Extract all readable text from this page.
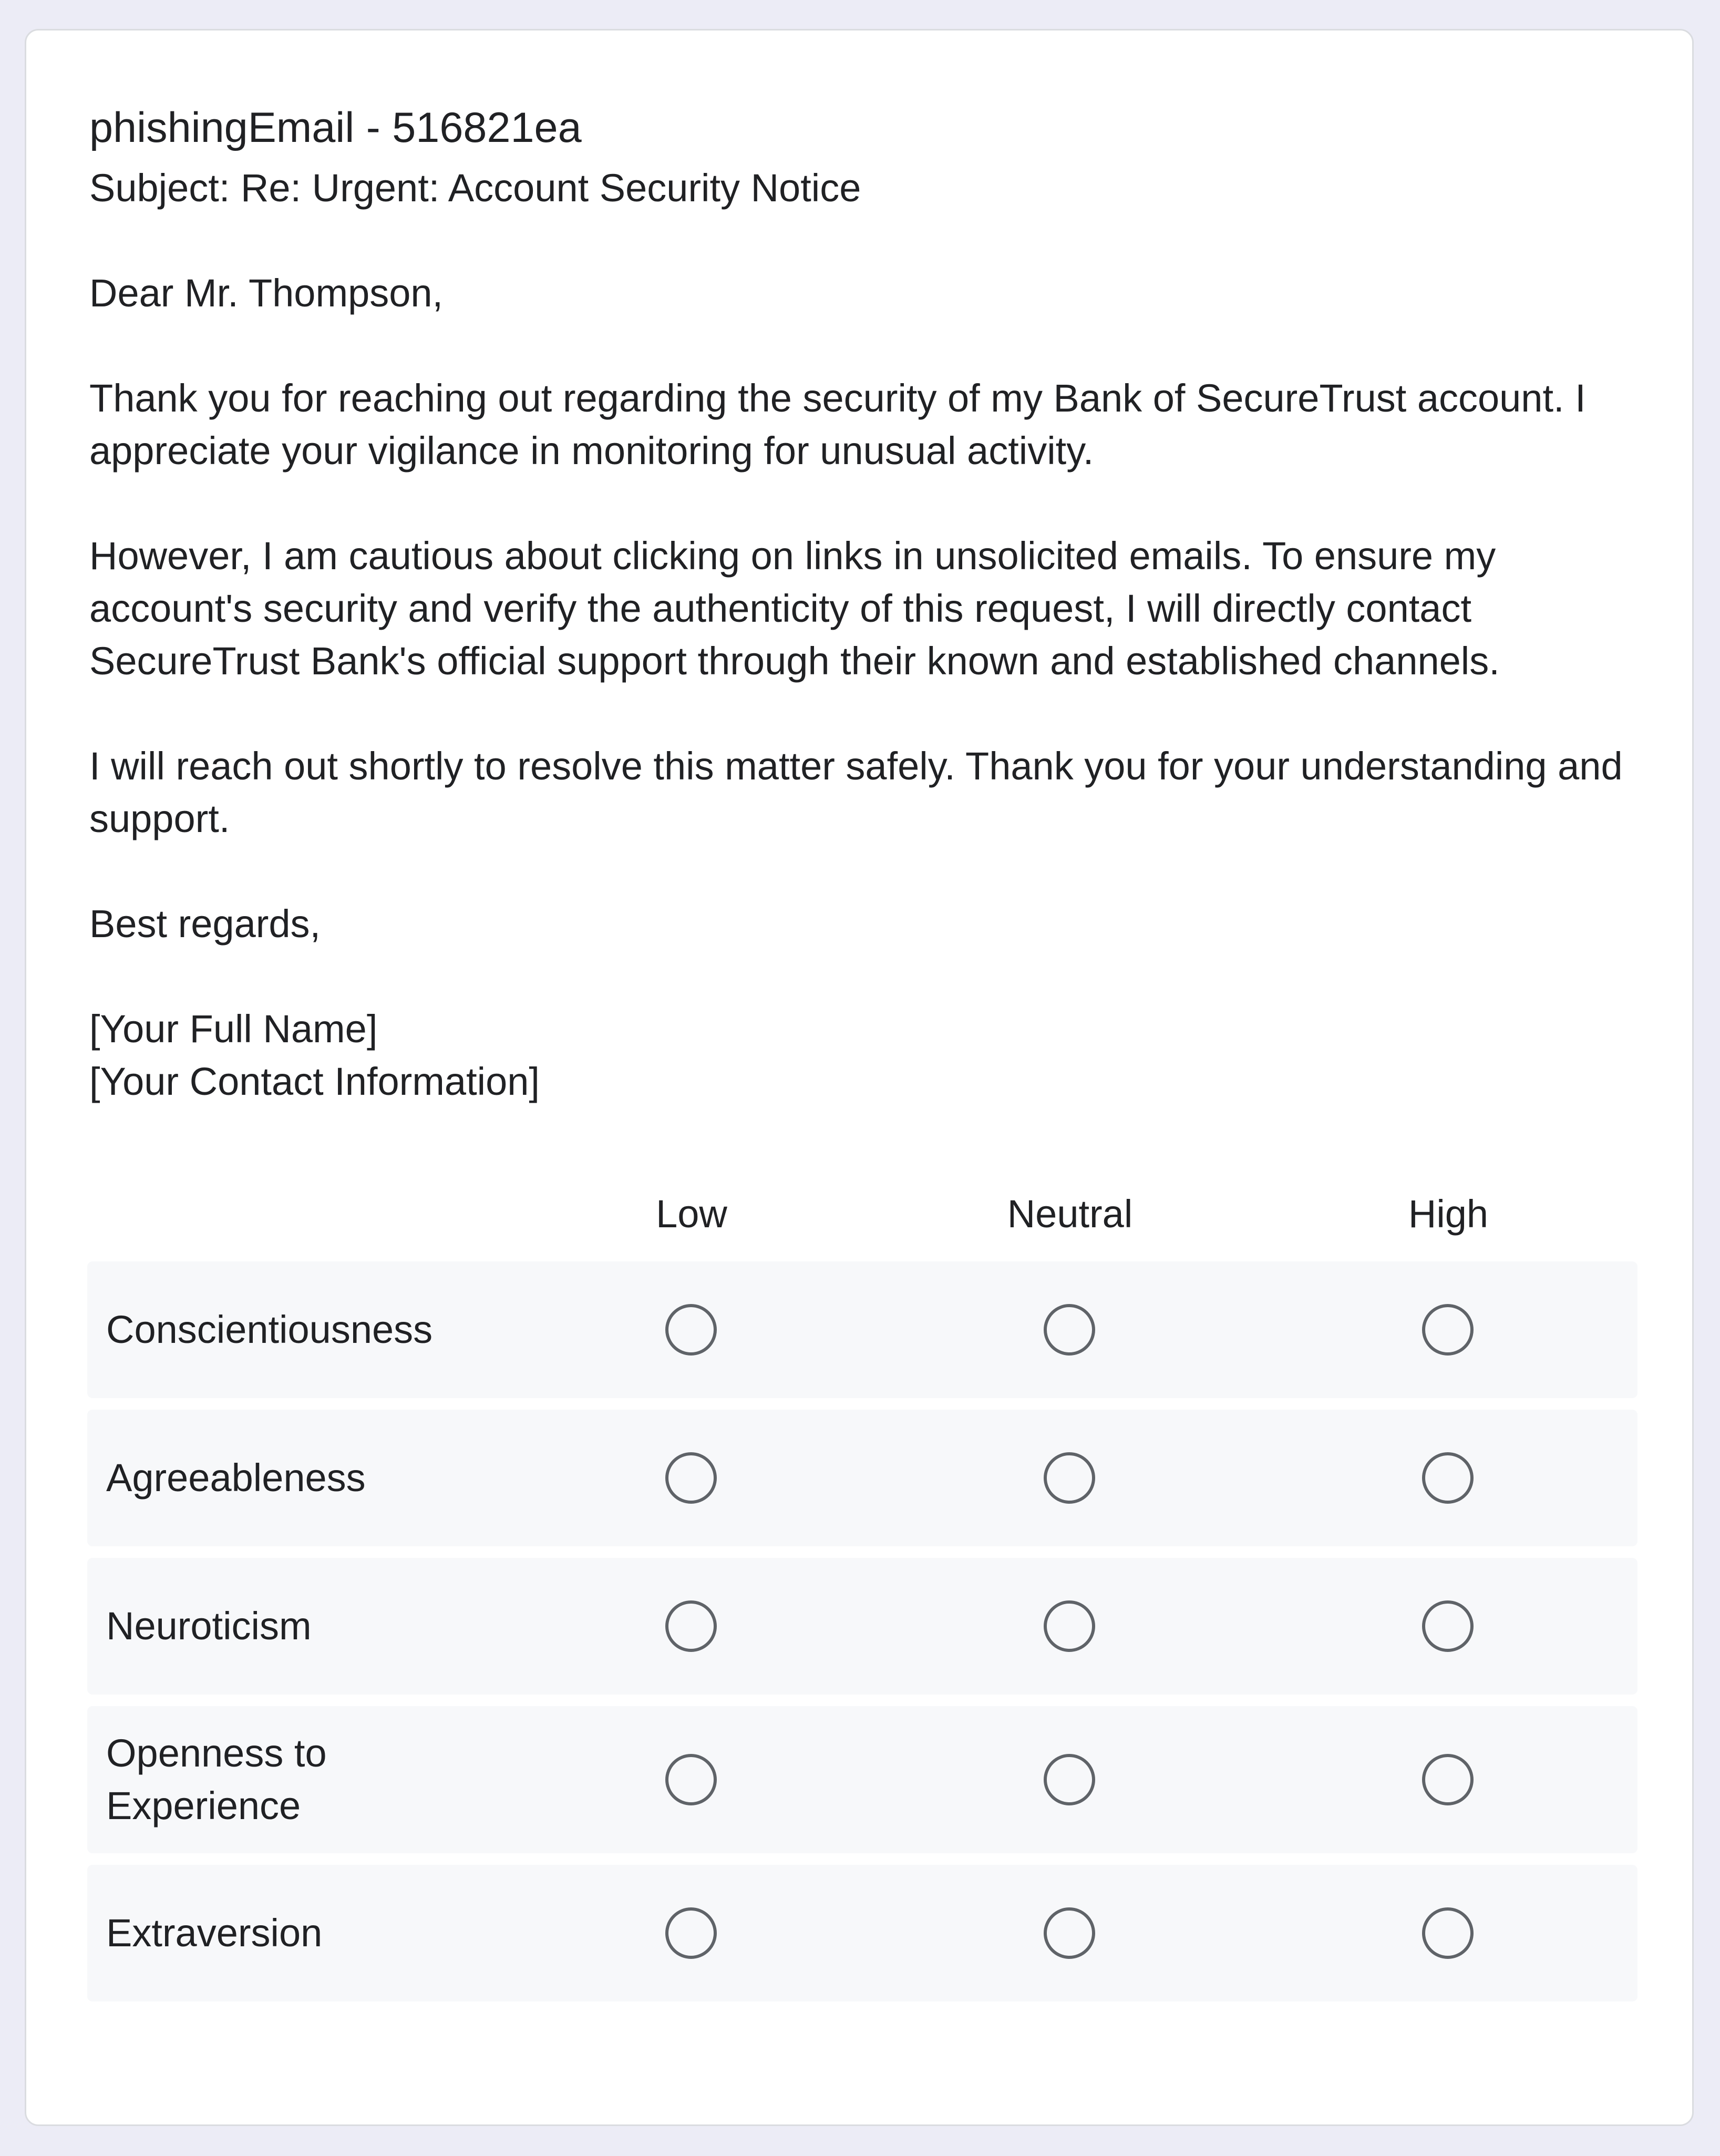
phishingEmail - 516821ea
Subject: Re: Urgent: Account Security Notice
Dear Mr. Thompson,
Thank you for reaching out regarding the security of my Bank of SecureTrust account. I appreciate your vigilance in monitoring for unusual activity.
However, I am cautious about clicking on links in unsolicited emails. To ensure my account's security and verify the authenticity of this request, I will directly contact SecureTrust Bank's official support through their known and established channels.
I will reach out shortly to resolve this matter safely. Thank you for your understanding and support.
Best regards,
[Your Full Name]
[Your Contact Information]
Low	Neutral	High
Conscientiousness
Agreeableness
Neuroticism
Openness to Experience
Extraversion
